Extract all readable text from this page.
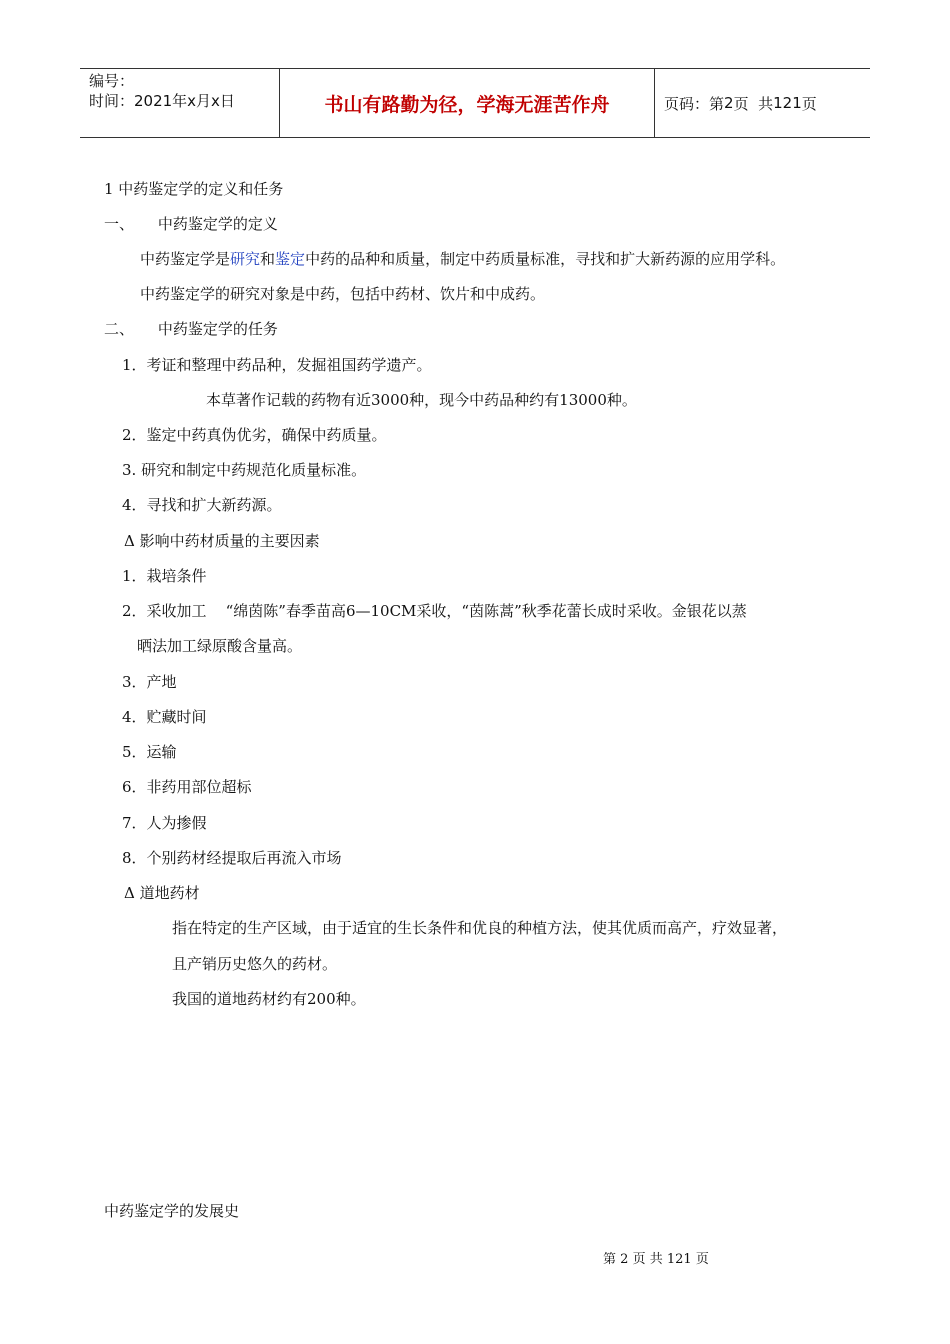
编号：
时间：2021年x月x日	书山有路勤为径，学海无涯苦作舟	页码：第 2 页  共 121 页
1 中药鉴定学的定义和任务
一、     中药鉴定学的定义
中药鉴定学是研究和鉴定中药的品种和质量，制定中药质量标准，寻找和扩大新药源的应用学科。
中药鉴定学的研究对象是中药，包括中药材、饮片和中成药。
二、     中药鉴定学的任务
1．考证和整理中药品种，发掘祖国药学遗产。
本草著作记载的药物有近3000种，现今中药品种约有13000种。
2．鉴定中药真伪优劣，确保中药质量。
3. 研究和制定中药规范化质量标准。
4．寻找和扩大新药源。
Δ 影响中药材质量的主要因素
1．栽培条件
2．采收加工    “绵茵陈”春季苗高6—10CM采收，“茵陈蒿”秋季花蕾长成时采收。金银花以蒸
晒法加工绿原酸含量高。
3．产地
4．贮藏时间
5．运输
6．非药用部位超标
7．人为掺假
8．个别药材经提取后再流入市场
Δ 道地药材
指在特定的生产区域，由于适宜的生长条件和优良的种植方法，使其优质而高产，疗效显著，
且产销历史悠久的药材。
我国的道地药材约有200种。
中药鉴定学的发展史
第 2 页 共 121 页
